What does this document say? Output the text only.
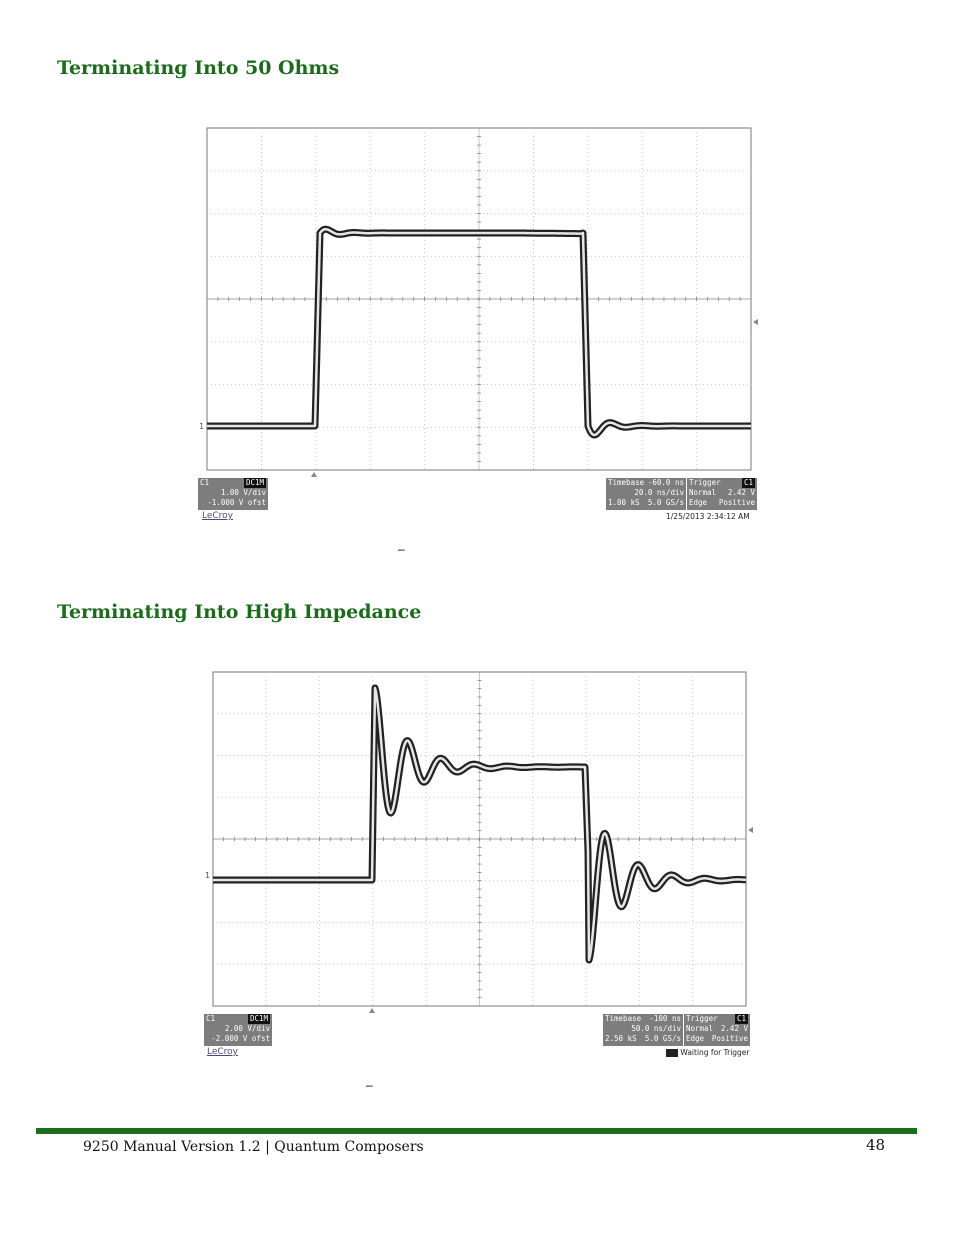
Terminating Into 50 Ohms
1
C1	DC1M
1.00 V/div
-1.000 V ofst
LeCroy
Timebase -60.0 ns
20.0 ns/div
1.00 kS 5.0 GS/s
Trigger	C1
Normal 2.42 V
Edge Positive
1/25/2013 2:34:12 AM
–
Terminating Into High Impedance
1
C1	DC1M
2.00 V/div
-2.000 V ofst
LeCroy
Timebase -100 ns
50.0 ns/div
2.50 kS 5.0 GS/s
Trigger	C1
Normal 2.42 V
Edge Positive
Waiting for Trigger
–
9250 Manual Version 1.2 | Quantum Composers	48
